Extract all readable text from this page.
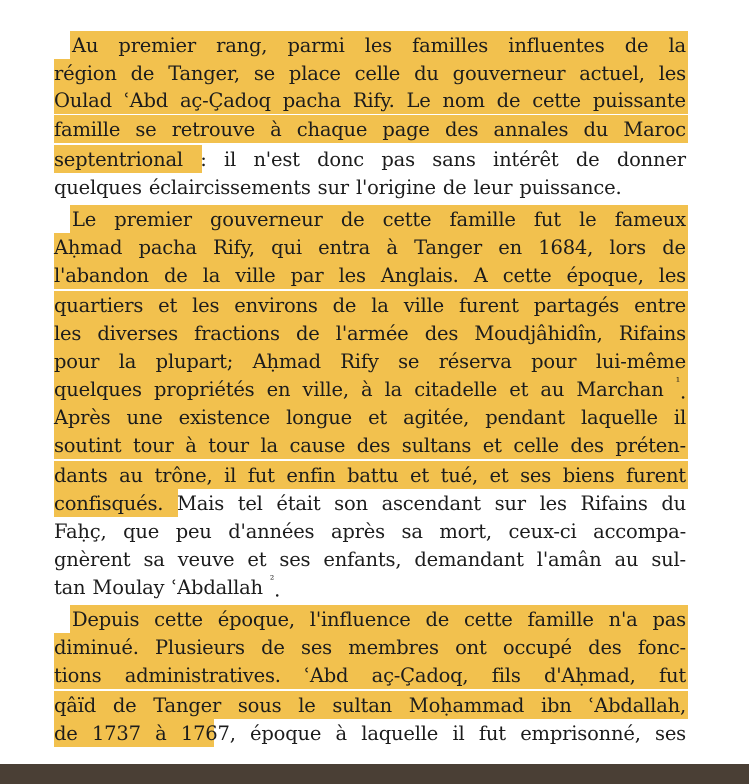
Au premier rang, parmi les familles influentes de la
région de Tanger, se place celle du gouverneur actuel, les
Oulad ʿAbd aç-Çadoq pacha Rify. Le nom de cette puissante
famille se retrouve à chaque page des annales du Maroc
septentrional : il n'est donc pas sans intérêt de donner
quelques éclaircissements sur l'origine de leur puissance.
Le premier gouverneur de cette famille fut le fameux
Aḥmad pacha Rify, qui entra à Tanger en 1684, lors de
l'abandon de la ville par les Anglais. A cette époque, les
quartiers et les environs de la ville furent partagés entre
les diverses fractions de l'armée des Moudjâhidîn, Rifains
pour la plupart; Aḥmad Rify se réserva pour lui-même
quelques propriétés en ville, à la citadelle et au Marchan $^{^1}$.
Après une existence longue et agitée, pendant laquelle il
soutint tour à tour la cause des sultans et celle des préten-
dants au trône, il fut enfin battu et tué, et ses biens furent
confisqués. Mais tel était son ascendant sur les Rifains du
Faḥç, que peu d'années après sa mort, ceux-ci accompa-
gnèrent sa veuve et ses enfants, demandant l'amân au sul-
tan Moulay ʿAbdallah $^{^2}$.
Depuis cette époque, l'influence de cette famille n'a pas
diminué. Plusieurs de ses membres ont occupé des fonc-
tions administratives. ʿAbd aç-Çadoq, fils d'Aḥmad, fut
qâïd de Tanger sous le sultan Moḥammad ibn ʿAbdallah,
de 1737 à 1767, époque à laquelle il fut emprisonné, ses
